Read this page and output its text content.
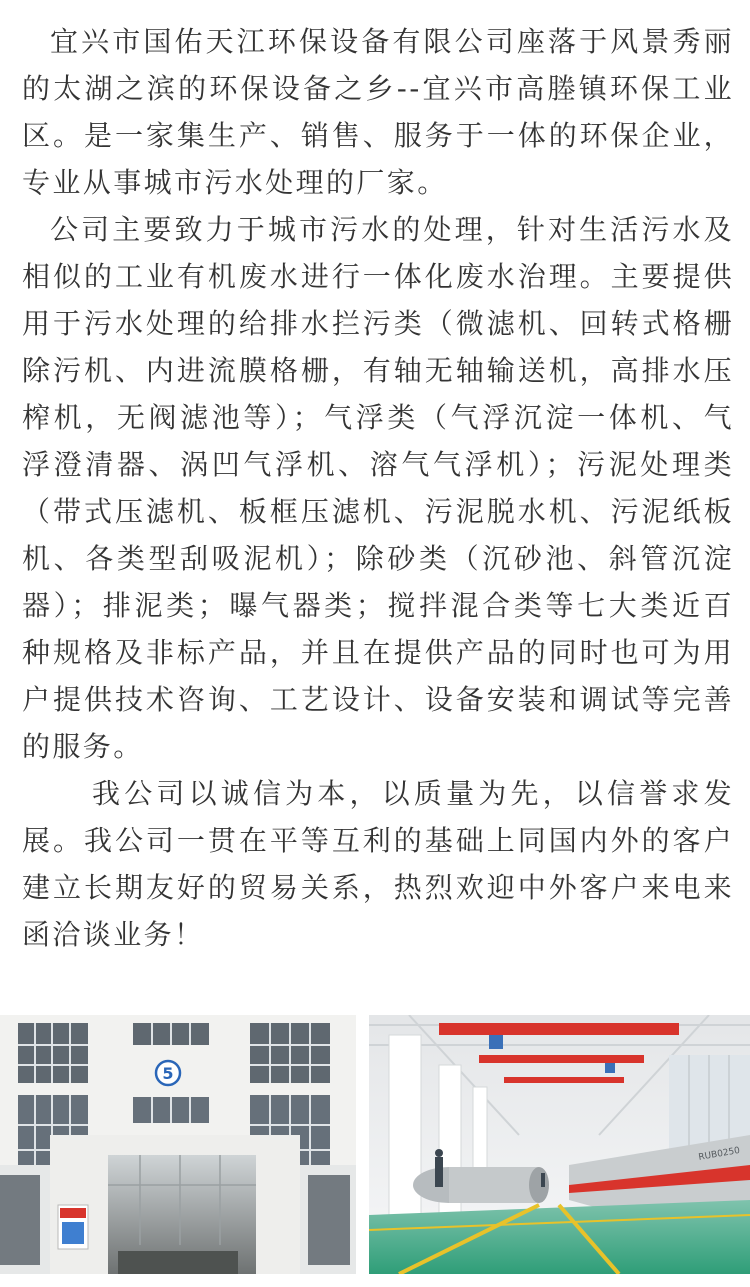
宜兴市国佑天江环保设备有限公司座落于风景秀丽的太湖之滨的环保设备之乡--宜兴市高塍镇环保工业区。是一家集生产、销售、服务于一体的环保企业，专业从事城市污水处理的厂家。

公司主要致力于城市污水的处理，针对生活污水及相似的工业有机废水进行一体化废水治理。主要提供用于污水处理的给排水拦污类（微滤机、回转式格栅除污机、内进流膜格栅，有轴无轴输送机，高排水压榨机，无阀滤池等）；气浮类（气浮沉淀一体机、气浮澄清器、涡凹气浮机、溶气气浮机）；污泥处理类（带式压滤机、板框压滤机、污泥脱水机、污泥纸板机、各类型刮吸泥机）；除砂类（沉砂池、斜管沉淀器）；排泥类；曝气器类；搅拌混合类等七大类近百种规格及非标产品，并且在提供产品的同时也可为用户提供技术咨询、工艺设计、设备安装和调试等完善的服务。

我公司以诚信为本，以质量为先，以信誉求发展。我公司一贯在平等互利的基础上同国内外的客户建立长期友好的贸易关系，热烈欢迎中外客户来电来函洽谈业务！

5
RUB0250
